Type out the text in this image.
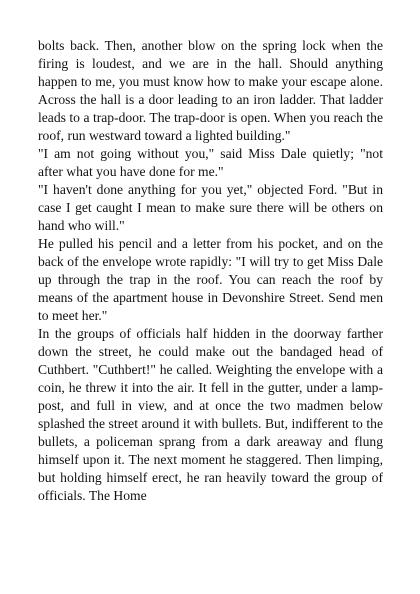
bolts back. Then, another blow on the spring lock when the firing is loudest, and we are in the hall. Should anything happen to me, you must know how to make your escape alone. Across the hall is a door leading to an iron ladder. That ladder leads to a trap-door. The trap-door is open. When you reach the roof, run westward toward a lighted building."

"I am not going without you," said Miss Dale quietly; "not after what you have done for me."

"I haven't done anything for you yet," objected Ford. "But in case I get caught I mean to make sure there will be others on hand who will."

He pulled his pencil and a letter from his pocket, and on the back of the envelope wrote rapidly: "I will try to get Miss Dale up through the trap in the roof. You can reach the roof by means of the apartment house in Devonshire Street. Send men to meet her."

In the groups of officials half hidden in the doorway farther down the street, he could make out the bandaged head of Cuthbert. "Cuthbert!" he called. Weighting the envelope with a coin, he threw it into the air. It fell in the gutter, under a lamp-post, and full in view, and at once the two madmen below splashed the street around it with bullets. But, indifferent to the bullets, a policeman sprang from a dark areaway and flung himself upon it. The next moment he staggered. Then limping, but holding himself erect, he ran heavily toward the group of officials. The Home
